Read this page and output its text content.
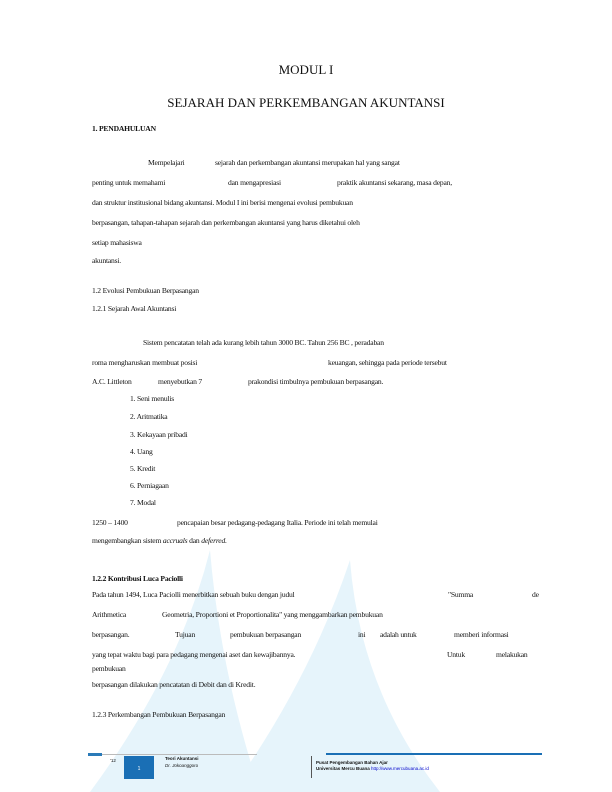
MODUL I
SEJARAH DAN PERKEMBANGAN AKUNTANSI
1. PENDAHULUAN
Mempelajari	sejarah dan perkembangan akuntansi merupakan hal yang sangat
penting untuk memahami	dan mengapresiasi	praktik akuntansi sekarang, masa depan,
dan struktur institusional bidang akuntansi. Modul I ini berisi mengenai evolusi pembukuan
berpasangan, tahapan-tahapan sejarah dan perkembangan akuntansi yang harus diketahui oleh
setiap mahasiswa
akuntansi.
1.2 Evolusi Pembukuan Berpasangan
1.2.1 Sejarah Awal Akuntansi
Sistem pencatatan telah ada kurang lebih tahun 3000 BC. Tahun 256 BC , peradaban
roma mengharuskan membuat posisi	keuangan, sehingga pada periode tersebut
A.C. Littleton	menyebutkan 7	prakondisi timbulnya pembukuan berpasangan.
1. Seni menulis
2. Aritmatika
3. Kekayaan pribadi
4. Uang
5. Kredit
6. Perniagaan
7. Modal
1250 – 1400	pencapaian besar pedagang-pedagang Italia. Periode ini telah memulai
mengembangkan sistem accruals dan deferred.
1.2.2 Kontribusi Luca Paciolli
Pada tahun 1494, Luca Paciolli menerbitkan sebuah buku dengan judul	"Summa	de
Arithmetica	Geometria, Proportioni et Proportionalita" yang menggambarkan pembukuan
berpasangan.	Tujuan	pembukuan berpasangan	ini adalah untuk	memberi informasi
yang tepat waktu bagi para pedagang mengenai aset dan kewajibannya.	Untuk	melakukan
pembukuan
berpasangan dilakukan pencatatan di Debit dan di Kredit.
1.2.3 Perkembangan Pembukuan Berpasangan
'12
1
Teori Akuntansi
Dr. Jokoanggoro
Pusat Pengembangan Bahan Ajar
Universitas Mercu Buana http://www.mercubuana.ac.id
